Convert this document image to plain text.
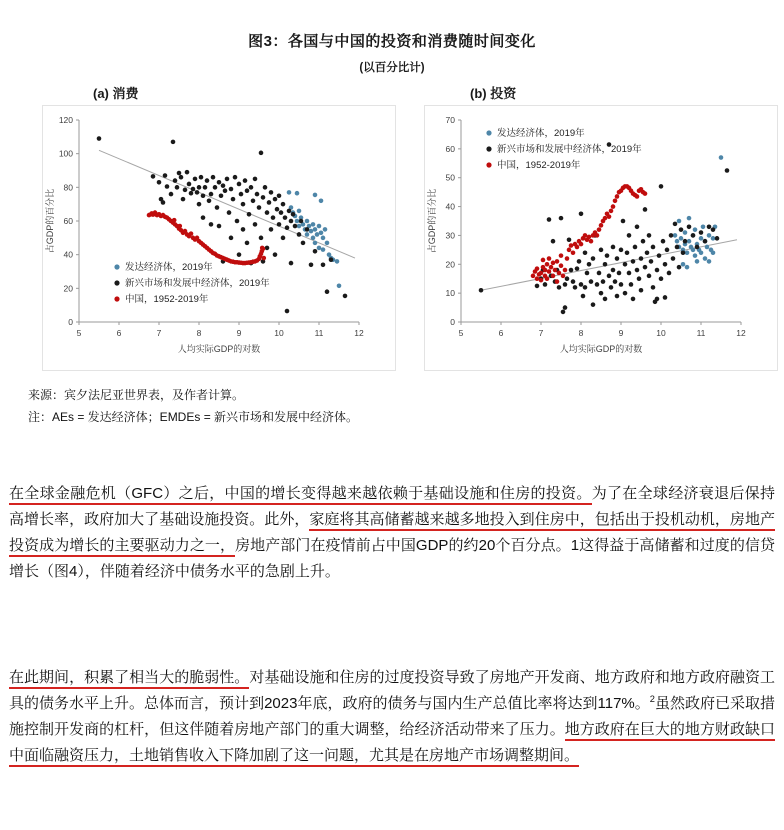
图3：各国与中国的投资和消费随时间变化
(以百分比计)
(a) 消费	(b) 投资
0
20
40
60
80
100
120
5	6	7	8	9	10	11	12
占GDP的百分比
人均实际GDP的对数
发达经济体，2019年
新兴市场和发展中经济体，2019年
中国，1952-2019年
0
10
20
30
40
50
60
70
5	6	7	8	9	10	11	12
占GDP的百分比
人均实际GDP的对数
发达经济体，2019年
新兴市场和发展中经济体，2019年
中国，1952-2019年

来源：宾夕法尼亚世界表，及作者计算。

注：AEs = 发达经济体；EMDEs = 新兴市场和发展中经济体。

在全球金融危机（GFC）之后，中国的增长变得越来越依赖于基础设施和住房的投资。为了在全球经济衰退后保持高增长率，政府加大了基础设施投资。此外，家庭将其高储蓄越来越多地投入到住房中，包括出于投机动机，房地产投资成为增长的主要驱动力之一，房地产部门在疫情前占中国GDP的约20个百分点。1这得益于高储蓄和过度的信贷增长（图4），伴随着经济中债务水平的急剧上升。
在此期间，积累了相当大的脆弱性。对基础设施和住房的过度投资导致了房地产开发商、地方政府和地方政府融资工具的债务水平上升。总体而言，预计到2023年底，政府的债务与国内生产总值比率将达到117%。$^2$虽然政府已采取措施控制开发商的杠杆，但这伴随着房地产部门的重大调整，给经济活动带来了压力。地方政府在巨大的地方财政缺口中面临融资压力，土地销售收入下降加剧了这一问题，尤其是在房地产市场调整期间。
